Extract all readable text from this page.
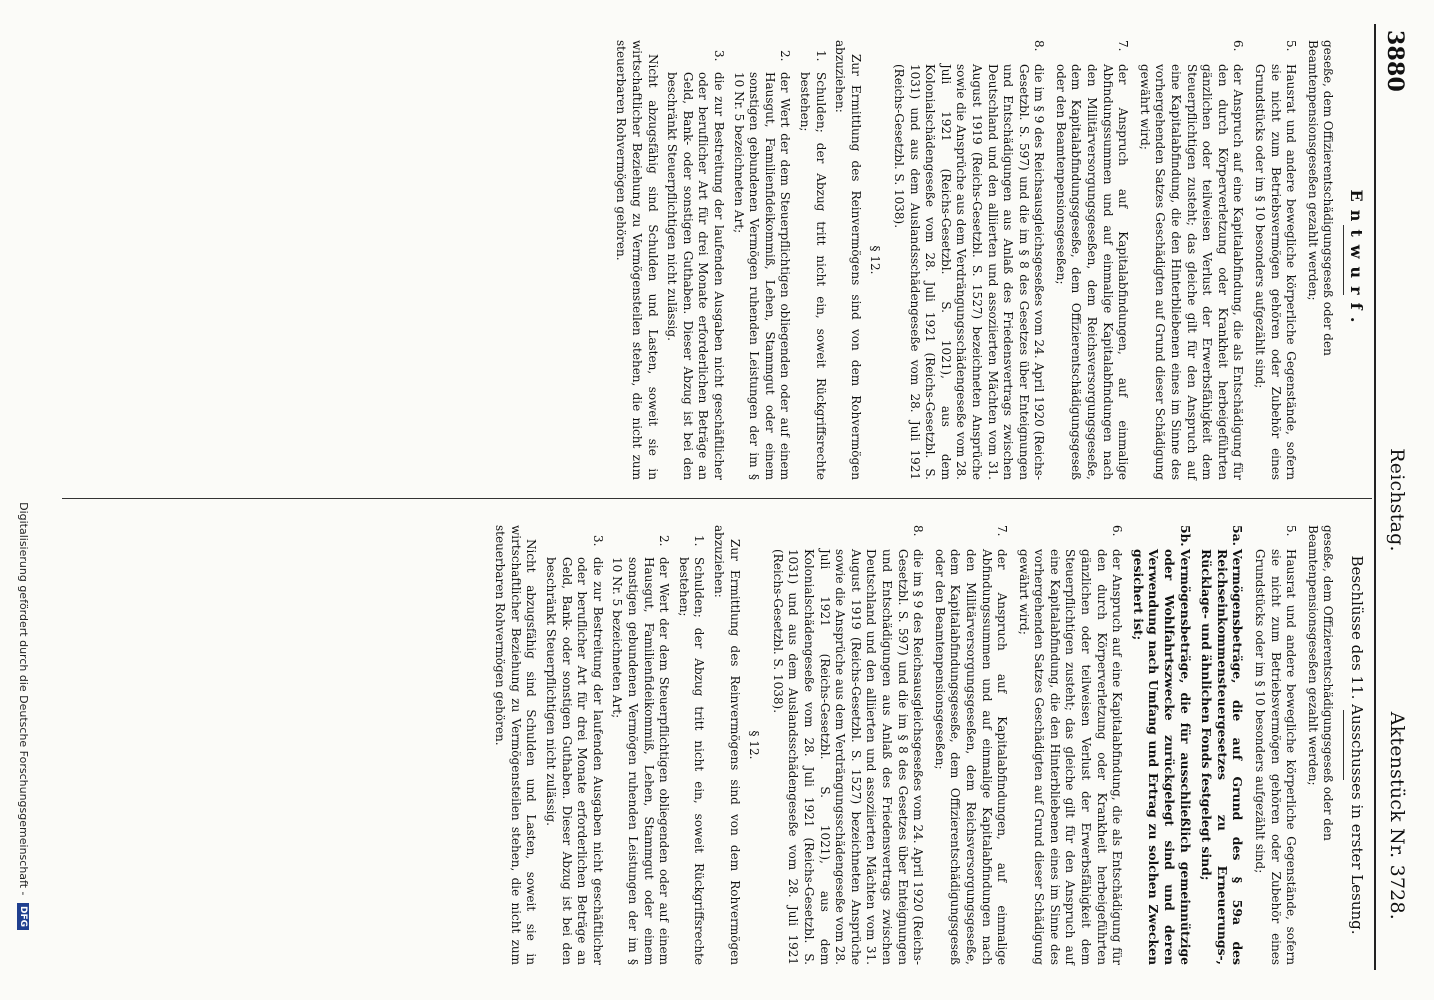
3880
Reichstag.
Aktenstück Nr. 3728.
Entwurf.

geseße, dem Offizierentschädigungsgeseß oder den Beamtenpensionsgeseßen gezahlt werden;

5.
Hausrat und andere bewegliche körperliche Gegenstände, sofern sie nicht zum Betriebsvermögen gehören oder Zubehör eines Grundstücks oder im § 10 besonders aufgezählt sind;
6.
der Anspruch auf eine Kapitalabfindung, die als Entschädigung für den durch Körperverletzung oder Krankheit herbeigeführten gänzlichen oder teilweisen Verlust der Erwerbsfähigkeit dem Steuerpflichtigen zusteht; das gleiche gilt für den Anspruch auf eine Kapitalabfindung, die den Hinterbliebenen eines im Sinne des vorhergehenden Satzes Geschädigten auf Grund dieser Schädigung gewährt wird;
7.
der Anspruch auf Kapitalabfindungen, auf einmalige Abfindungssummen und auf einmalige Kapitalabfindungen nach den Militärversorgungsgeseßen, dem Reichsversorgungsgeseße, dem Kapitalabfindungsgeseße, dem Offizierentschädigungsgeseß oder den Beamtenpensionsgeseßen;
8.
die im § 9 des Reichsausgleichsgeseßes vom 24. April 1920 (Reichs-Gesetzbl. S. 597) und die im § 8 des Gesetzes über Enteignungen und Entschädigungen aus Anlaß des Friedensvertrags zwischen Deutschland und den alliierten und assoziierten Mächten vom 31. August 1919 (Reichs-Gesetzbl. S. 1527) bezeichneten Ansprüche sowie die Ansprüche aus dem Verdrängungsschädengeseße vom 28. Juli 1921 (Reichs-Gesetzbl. S. 1021), aus dem Kolonialschädengeseße vom 28. Juli 1921 (Reichs-Gesetzbl. S. 1031) und aus dem Auslandsschädengeseße vom 28. Juli 1921 (Reichs-Gesetzbl. S. 1038).
§ 12.

Zur Ermittlung des Reinvermögens sind von dem Rohvermögen abzuziehen:

1.
Schulden; der Abzug tritt nicht ein, soweit Rückgriffsrechte bestehen;
2.
der Wert der dem Steuerpflichtigen obliegenden oder auf einem Hausgut, Familienfideikommiß, Lehen, Stammgut oder einem sonstigen gebundenen Vermögen ruhenden Leistungen der im § 10 Nr. 5 bezeichneten Art;
3.
die zur Bestreitung der laufenden Ausgaben nicht geschäftlicher oder beruflicher Art für drei Monate erforderlichen Beträge an Geld, Bank- oder sonstigen Guthaben. Dieser Abzug ist bei den beschränkt Steuerpflichtigen nicht zulässig.

Nicht abzugsfähig sind Schulden und Lasten, soweit sie in wirtschaftlicher Beziehung zu Vermögensteilen stehen, die nicht zum steuerbaren Rohvermögen gehören.

Beschlüsse des 11. Ausschusses in erster Lesung.

geseße, dem Offizierentschädigungsgeseß oder den Beamtenpensionsgeseßen gezahlt werden;

5.
Hausrat und andere bewegliche körperliche Gegenstände, sofern sie nicht zum Betriebsvermögen gehören oder Zubehör eines Grundstücks oder im § 10 besonders aufgezählt sind;
5a.
Vermögensbeträge, die auf Grund des § 59a des Reichseinkommensteuergesetzes zu Erneuerungs-, Rücklage- und ähnlichen Fonds festgelegt sind;
5b.
Vermögensbeträge, die für ausschließlich gemeinnützige oder Wohlfahrtszwecke zurückgelegt sind und deren Verwendung nach Umfang und Ertrag zu solchen Zwecken gesichert ist;
6.
der Anspruch auf eine Kapitalabfindung, die als Entschädigung für den durch Körperverletzung oder Krankheit herbeigeführten gänzlichen oder teilweisen Verlust der Erwerbsfähigkeit dem Steuerpflichtigen zusteht; das gleiche gilt für den Anspruch auf eine Kapitalabfindung, die den Hinterbliebenen eines im Sinne des vorhergehenden Satzes Geschädigten auf Grund dieser Schädigung gewährt wird;
7.
der Anspruch auf Kapitalabfindungen, auf einmalige Abfindungssummen und auf einmalige Kapitalabfindungen nach den Militärversorgungsgeseßen, dem Reichsversorgungsgeseße, dem Kapitalabfindungsgeseße, dem Offizierentschädigungsgeseß oder den Beamtenpensionsgeseßen;
8.
die im § 9 des Reichsausgleichsgeseßes vom 24. April 1920 (Reichs-Gesetzbl. S. 597) und die im § 8 des Gesetzes über Enteignungen und Entschädigungen aus Anlaß des Friedensvertrags zwischen Deutschland und den alliierten und assoziierten Mächten vom 31. August 1919 (Reichs-Gesetzbl. S. 1527) bezeichneten Ansprüche sowie die Ansprüche aus dem Verdrängungsschädengeseße vom 28. Juli 1921 (Reichs-Gesetzbl. S. 1021), aus dem Kolonialschädengeseße vom 28. Juli 1921 (Reichs-Gesetzbl. S. 1031) und aus dem Auslandsschädengeseße vom 28. Juli 1921 (Reichs-Gesetzbl. S. 1038).
§ 12.

Zur Ermittlung des Reinvermögens sind von dem Rohvermögen abzuziehen:

1.
Schulden; der Abzug tritt nicht ein, soweit Rückgriffsrechte bestehen;
2.
der Wert der dem Steuerpflichtigen obliegenden oder auf einem Hausgut, Familienfideikommiß, Lehen, Stammgut oder einem sonstigen gebundenen Vermögen ruhenden Leistungen der im § 10 Nr. 5 bezeichneten Art;
3.
die zur Bestreitung der laufenden Ausgaben nicht geschäftlicher oder beruflicher Art für drei Monate erforderlichen Beträge an Geld, Bank- oder sonstigen Guthaben. Dieser Abzug ist bei den beschränkt Steuerpflichtigen nicht zulässig.

Nicht abzugsfähig sind Schulden und Lasten, soweit sie in wirtschaftlicher Beziehung zu Vermögensteilen stehen, die nicht zum steuerbaren Rohvermögen gehören.

Digitalisierung gefördert durch die Deutsche Forschungsgemeinschaft - DFG
